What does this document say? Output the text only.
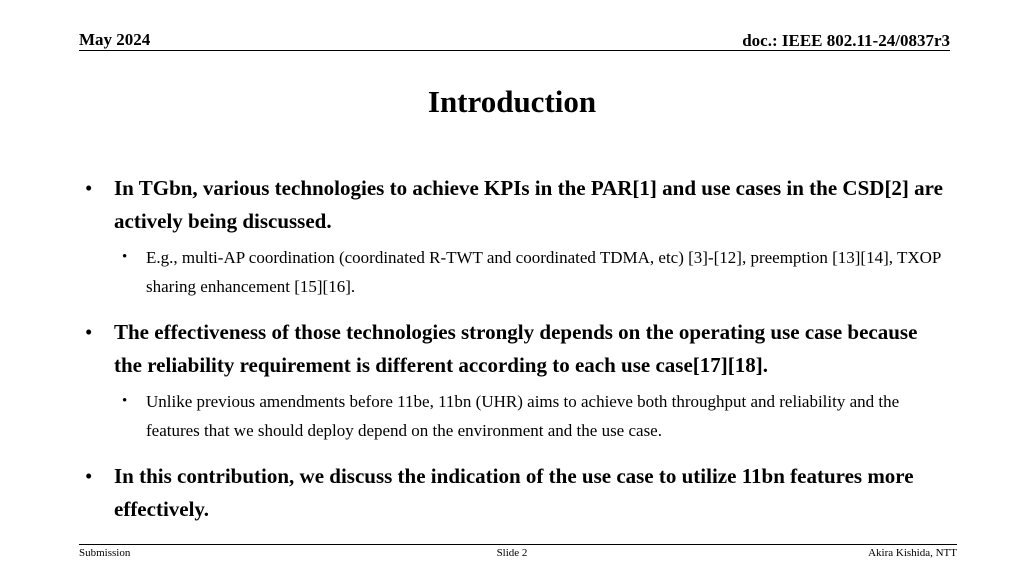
May 2024	doc.: IEEE 802.11-24/0837r3
Introduction
• In TGbn, various technologies to achieve KPIs in the PAR[1] and use cases in the CSD[2] are actively being discussed.
• E.g., multi-AP coordination (coordinated R-TWT and coordinated TDMA, etc) [3]-[12], preemption [13][14], TXOP sharing enhancement [15][16].
• The effectiveness of those technologies strongly depends on the operating use case because the reliability requirement is different according to each use case[17][18].
• Unlike previous amendments before 11be, 11bn (UHR) aims to achieve both throughput and reliability and the features that we should deploy depend on the environment and the use case.
• In this contribution, we discuss the indication of the use case to utilize 11bn features more effectively.
Submission	Slide 2	Akira Kishida, NTT
